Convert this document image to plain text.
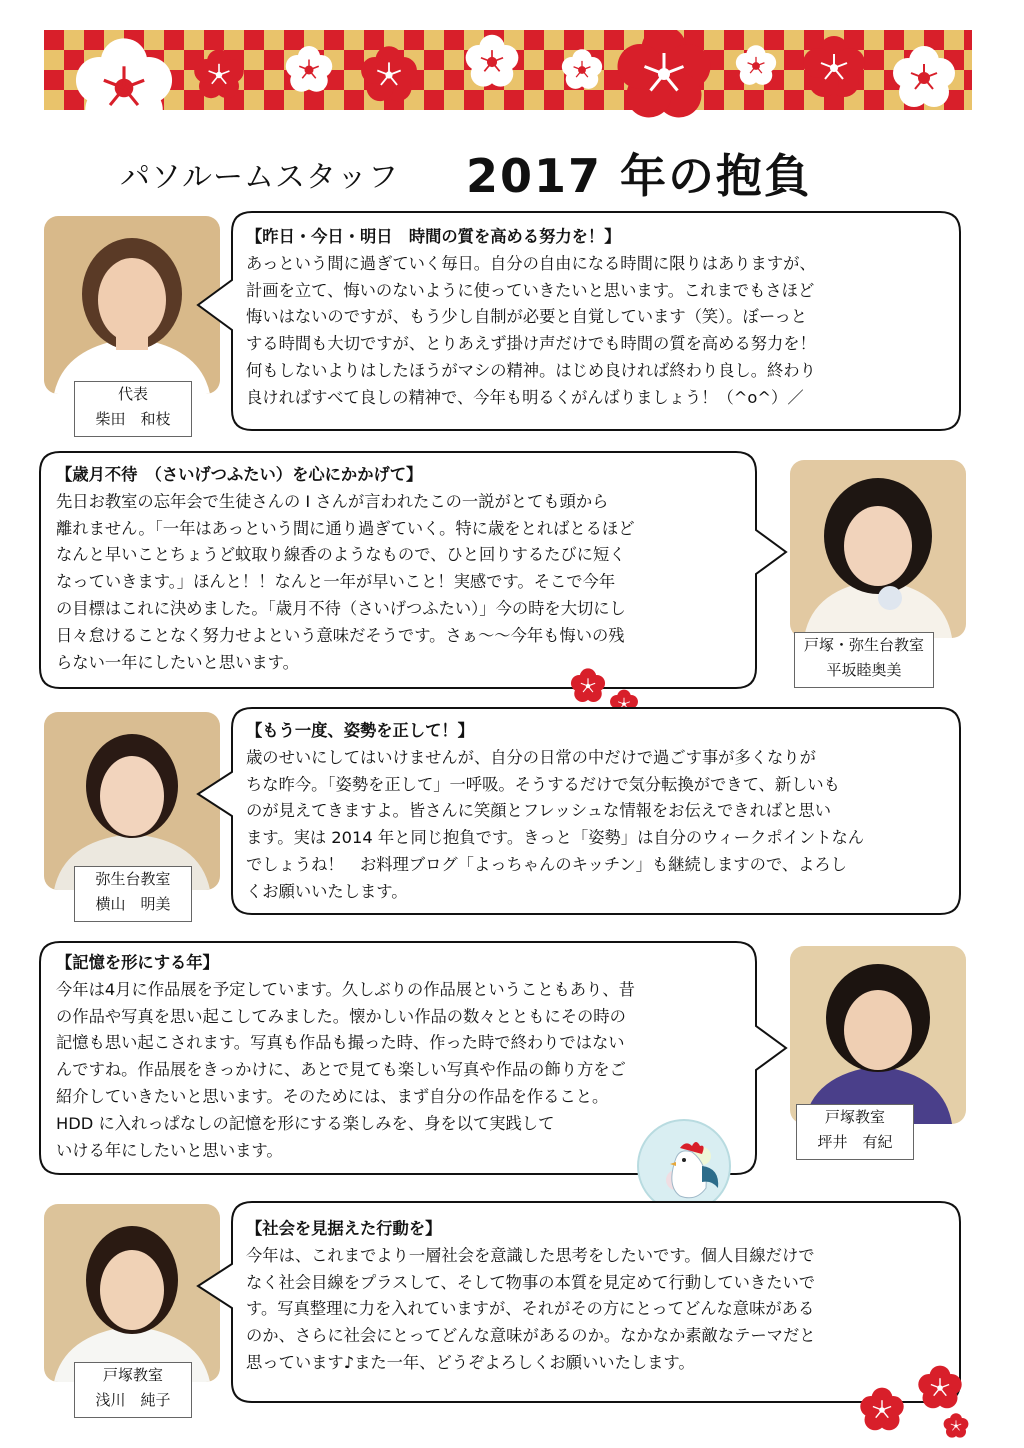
パソルームスタッフ 2017 年の抱負
代表
柴田　和枝
【昨日・今日・明日　時間の質を高める努力を！】
あっという間に過ぎていく毎日。自分の自由になる時間に限りはありますが、
計画を立て、悔いのないように使っていきたいと思います。これまでもさほど
悔いはないのですが、もう少し自制が必要と自覚しています（笑）。ぼーっと
する時間も大切ですが、とりあえず掛け声だけでも時間の質を高める努力を！
何もしないよりはしたほうがマシの精神。はじめ良ければ終わり良し。終わり
良ければすべて良しの精神で、今年も明るくがんばりましょう！（^o^）／
【歳月不待　（さいげつふたい）を心にかかげて】
先日お教室の忘年会で生徒さんの I さんが言われたこの一説がとても頭から
離れません。「一年はあっという間に通り過ぎていく。特に歳をとればとるほど
なんと早いことちょうど蚊取り線香のようなもので、ひと回りするたびに短く
なっていきます。」ほんと！！なんと一年が早いこと！実感です。そこで今年
の目標はこれに決めました。「歳月不待（さいげつふたい）」今の時を大切にし
日々怠けることなく努力せよという意味だそうです。さぁ～～今年も悔いの残
らない一年にしたいと思います。
戸塚・弥生台教室
平坂睦奥美
弥生台教室
横山　明美
【もう一度、姿勢を正して！】
歳のせいにしてはいけませんが、自分の日常の中だけで過ごす事が多くなりが
ちな昨今。「姿勢を正して」一呼吸。そうするだけで気分転換ができて、新しいも
のが見えてきますよ。皆さんに笑顔とフレッシュな情報をお伝えできればと思い
ます。実は 2014 年と同じ抱負です。きっと「姿勢」は自分のウィークポイントなん
でしょうね！　お料理ブログ「よっちゃんのキッチン」も継続しますので、よろし
くお願いいたします。
【記憶を形にする年】
今年は4月に作品展を予定しています。久しぶりの作品展ということもあり、昔
の作品や写真を思い起こしてみました。懐かしい作品の数々とともにその時の
記憶も思い起こされます。写真も作品も撮った時、作った時で終わりではない
んですね。作品展をきっかけに、あとで見ても楽しい写真や作品の飾り方をご
紹介していきたいと思います。そのためには、まず自分の作品を作ること。
HDD に入れっぱなしの記憶を形にする楽しみを、身を以て実践して
いける年にしたいと思います。
戸塚教室
坪井　有紀
戸塚教室
浅川　純子
【社会を見据えた行動を】
今年は、これまでより一層社会を意識した思考をしたいです。個人目線だけで
なく社会目線をプラスして、そして物事の本質を見定めて行動していきたいで
す。写真整理に力を入れていますが、それがその方にとってどんな意味がある
のか、さらに社会にとってどんな意味があるのか。なかなか素敵なテーマだと
思っています♪また一年、どうぞよろしくお願いいたします。
